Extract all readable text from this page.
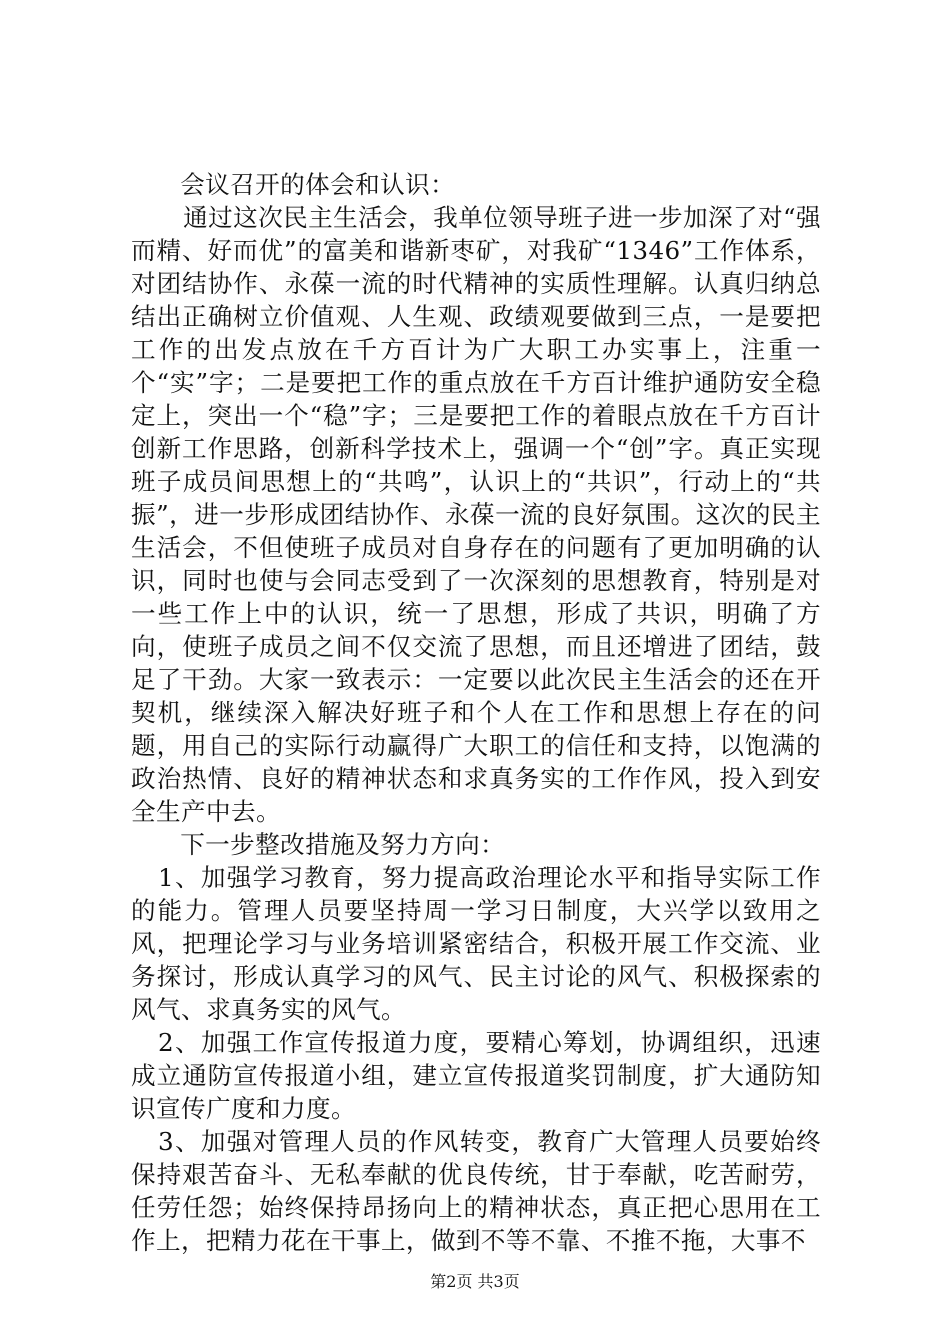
会议召开的体会和认识：

通过这次民主生活会，我单位领导班子进一步加深了对“强而精、好而优”的富美和谐新枣矿，对我矿“1346”工作体系，对团结协作、永葆一流的时代精神的实质性理解。认真归纳总结出正确树立价值观、人生观、政绩观要做到三点，一是要把工作的出发点放在千方百计为广大职工办实事上，注重一个“实”字；二是要把工作的重点放在千方百计维护通防安全稳定上，突出一个“稳”字；三是要把工作的着眼点放在千方百计创新工作思路，创新科学技术上，强调一个“创”字。真正实现班子成员间思想上的“共鸣”，认识上的“共识”，行动上的“共振”，进一步形成团结协作、永葆一流的良好氛围。这次的民主生活会，不但使班子成员对自身存在的问题有了更加明确的认识，同时也使与会同志受到了一次深刻的思想教育，特别是对一些工作上中的认识，统一了思想，形成了共识，明确了方向，使班子成员之间不仅交流了思想，而且还增进了团结，鼓足了干劲。大家一致表示：一定要以此次民主生活会的还在开契机，继续深入解决好班子和个人在工作和思想上存在的问题，用自己的实际行动赢得广大职工的信任和支持，以饱满的政治热情、良好的精神状态和求真务实的工作作风，投入到安全生产中去。

下一步整改措施及努力方向：

1、加强学习教育，努力提高政治理论水平和指导实际工作的能力。管理人员要坚持周一学习日制度，大兴学以致用之风，把理论学习与业务培训紧密结合，积极开展工作交流、业务探讨，形成认真学习的风气、民主讨论的风气、积极探索的风气、求真务实的风气。

2、加强工作宣传报道力度，要精心筹划，协调组织，迅速成立通防宣传报道小组，建立宣传报道奖罚制度，扩大通防知识宣传广度和力度。

3、加强对管理人员的作风转变，教育广大管理人员要始终保持艰苦奋斗、无私奉献的优良传统，甘于奉献，吃苦耐劳，任劳任怨；始终保持昂扬向上的精神状态，真正把心思用在工作上，把精力花在干事上，做到不等不靠、不推不拖，大事不

第2页 共3页
